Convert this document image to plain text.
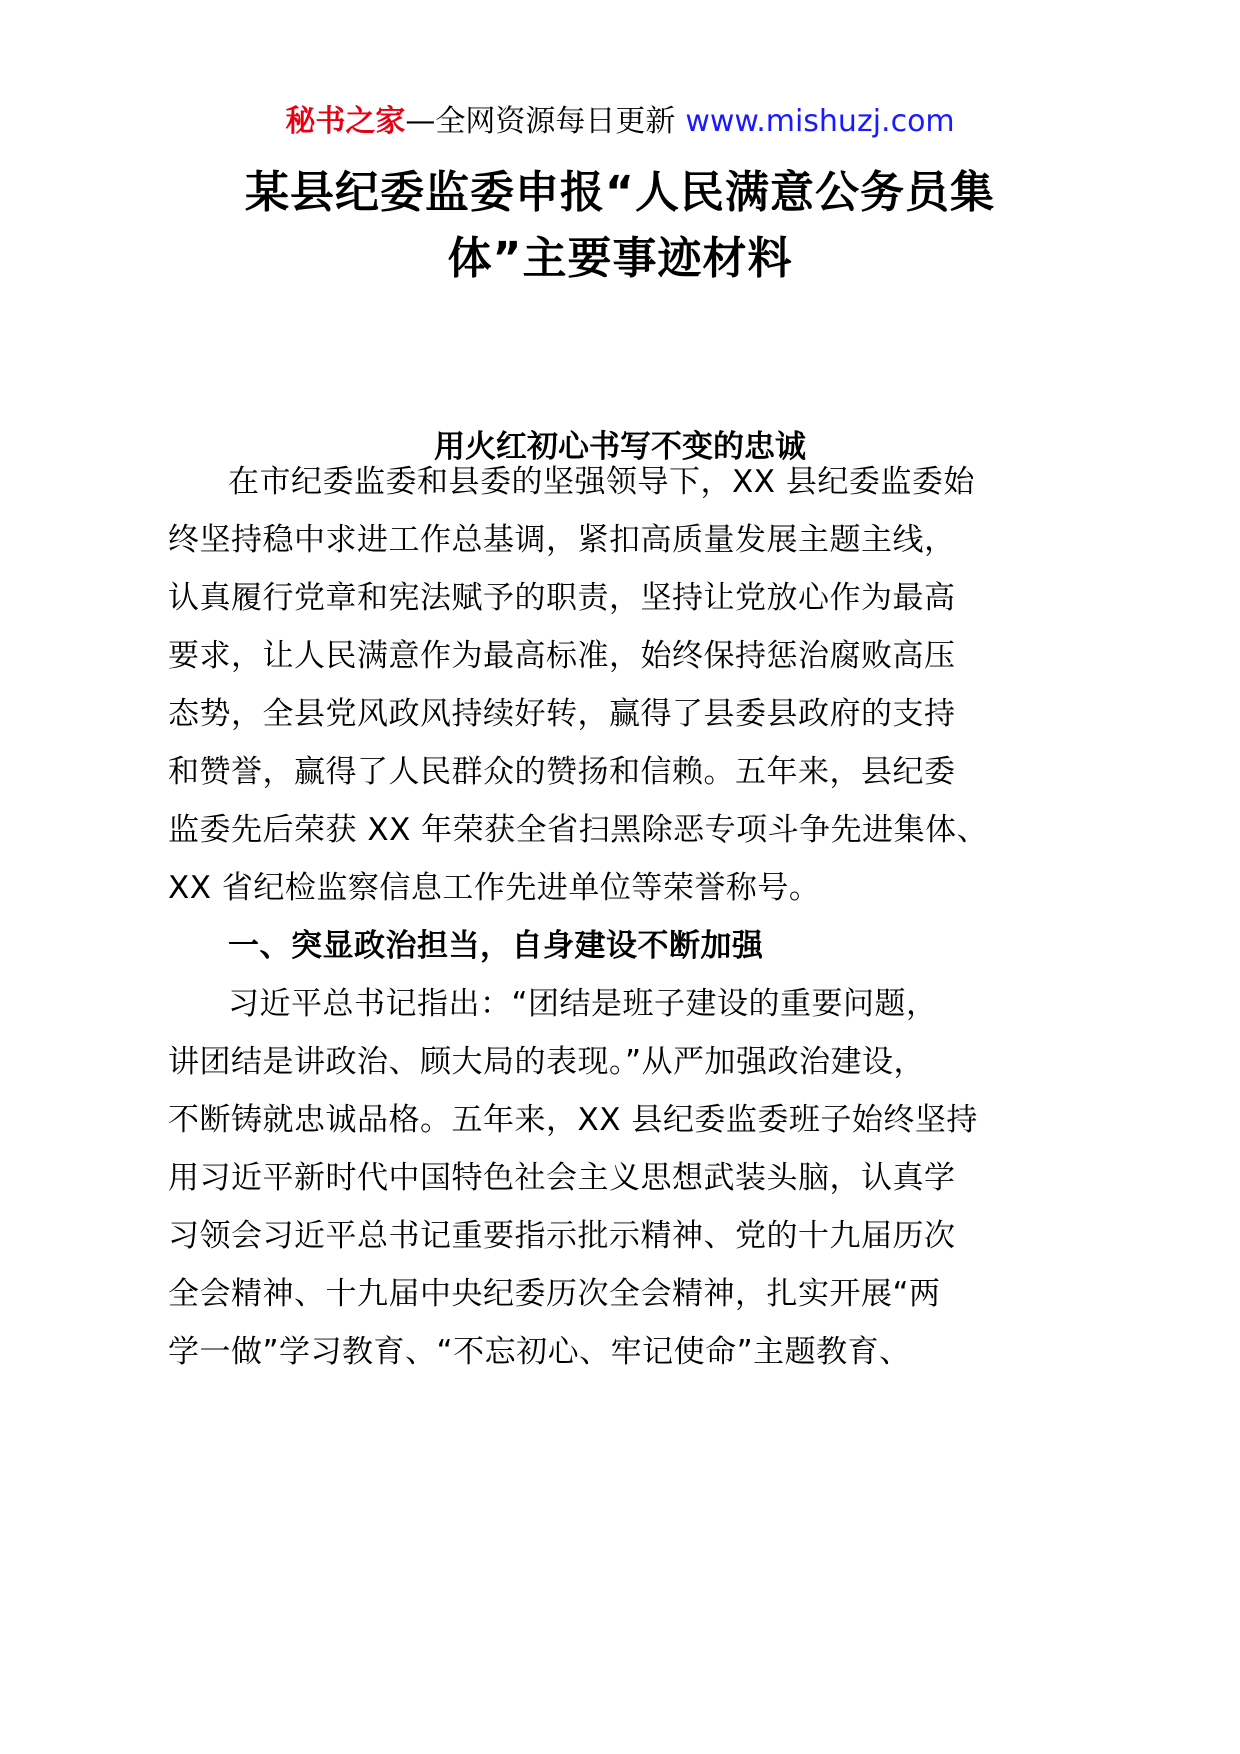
秘书之家—全网资源每日更新 www.mishuzj.com
某县纪委监委申报“人民满意公务员集
体”主要事迹材料
用火红初心书写不变的忠诚
在市纪委监委和县委的坚强领导下，XX 县纪委监委始
终坚持稳中求进工作总基调，紧扣高质量发展主题主线，
认真履行党章和宪法赋予的职责，坚持让党放心作为最高
要求，让人民满意作为最高标准，始终保持惩治腐败高压
态势，全县党风政风持续好转，赢得了县委县政府的支持
和赞誉，赢得了人民群众的赞扬和信赖。五年来，县纪委
监委先后荣获 XX 年荣获全省扫黑除恶专项斗争先进集体、
XX 省纪检监察信息工作先进单位等荣誉称号。
一、突显政治担当，自身建设不断加强
习近平总书记指出：“团结是班子建设的重要问题，
讲团结是讲政治、顾大局的表现。”从严加强政治建设，
不断铸就忠诚品格。五年来，XX 县纪委监委班子始终坚持
用习近平新时代中国特色社会主义思想武装头脑，认真学
习领会习近平总书记重要指示批示精神、党的十九届历次
全会精神、十九届中央纪委历次全会精神，扎实开展“两
学一做”学习教育、“不忘初心、牢记使命”主题教育、
